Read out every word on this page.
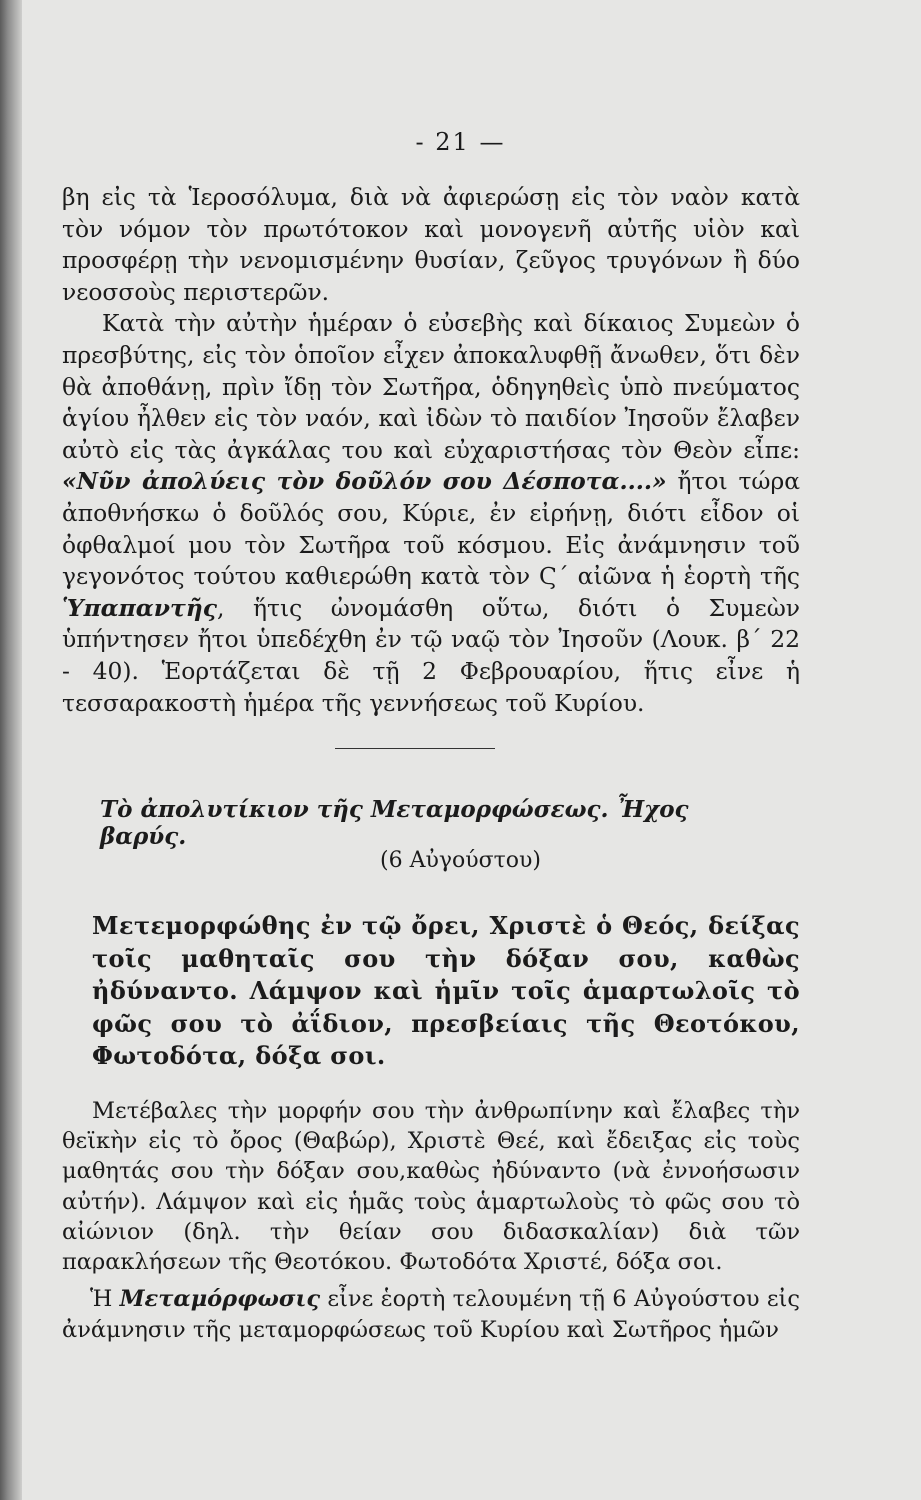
- 21 —

βη εἰς τὰ Ἱεροσόλυμα, διὰ νὰ ἀφιερώσῃ εἰς τὸν ναὸν κατὰ τὸν νόμον τὸν πρωτότοκον καὶ μονογενῆ αὐτῆς υἱὸν καὶ προσφέρῃ τὴν νενομισμένην θυσίαν, ζεῦγος τρυγόνων ἢ δύο νεοσσοὺς περιστερῶν.

Κατὰ τὴν αὐτὴν ἡμέραν ὁ εὐσεβὴς καὶ δίκαιος Συμεὼν ὁ πρεσβύτης, εἰς τὸν ὁποῖον εἶχεν ἀποκαλυφθῇ ἄνωθεν, ὅτι δὲν θὰ ἀποθάνῃ, πρὶν ἴδῃ τὸν Σωτῆρα, ὁδηγηθεὶς ὑπὸ πνεύματος ἁγίου ἦλθεν εἰς τὸν ναόν, καὶ ἰδὼν τὸ παιδίον Ἰησοῦν ἔλαβεν αὐτὸ εἰς τὰς ἀγκάλας του καὶ εὐχαριστήσας τὸν Θεὸν εἶπε: «Νῦν ἀπολύεις τὸν δοῦλόν σου Δέσποτα....» ἤτοι τώρα ἀποθνήσκω ὁ δοῦλός σου, Κύριε, ἐν εἰρήνῃ, διότι εἶδον οἱ ὀφθαλμοί μου τὸν Σωτῆρα τοῦ κόσμου. Εἰς ἀνάμνησιν τοῦ γεγονότος τούτου καθιερώθη κατὰ τὸν Ϛ΄ αἰῶνα ἡ ἑορτὴ τῆς Ὑπαπαντῆς, ἥτις ὠνομάσθη οὕτω, διότι ὁ Συμεὼν ὑπήντησεν ἤτοι ὑπεδέχθη ἐν τῷ ναῷ τὸν Ἰησοῦν (Λουκ. β΄ 22 - 40). Ἑορτάζεται δὲ τῇ 2 Φεβρουαρίου, ἥτις εἶνε ἡ τεσσαρακοστὴ ἡμέρα τῆς γεννήσεως τοῦ Κυρίου.

Τὸ ἀπολυτίκιον τῆς Μεταμορφώσεως. Ἦχος βαρύς.
(6 Αὐγούστου)

Μετεμορφώθης ἐν τῷ ὄρει, Χριστὲ ὁ Θεός, δείξας τοῖς μαθηταῖς σου τὴν δόξαν σου, καθὼς ἠδύναντο. Λάμψον καὶ ἡμῖν τοῖς ἁμαρτωλοῖς τὸ φῶς σου τὸ ἀΐδιον, πρεσβείαις τῆς Θεοτόκου, Φωτοδότα, δόξα σοι.

Μετέβαλες τὴν μορφήν σου τὴν ἀνθρωπίνην καὶ ἔλαβες τὴν θεϊκὴν εἰς τὸ ὄρος (Θαβώρ), Χριστὲ Θεέ, καὶ ἔδειξας εἰς τοὺς μαθητάς σου τὴν δόξαν σου,καθὼς ἠδύναντο (νὰ ἐννοήσωσιν αὐτήν). Λάμψον καὶ εἰς ἡμᾶς τοὺς ἁμαρτωλοὺς τὸ φῶς σου τὸ αἰώνιον (δηλ. τὴν θείαν σου διδασκαλίαν) διὰ τῶν παρακλήσεων τῆς Θεοτόκου. Φωτοδότα Χριστέ, δόξα σοι.

Ἡ Μεταμόρφωσις εἶνε ἑορτὴ τελουμένη τῇ 6 Αὐγούστου εἰς ἀνάμνησιν τῆς μεταμορφώσεως τοῦ Κυρίου καὶ Σωτῆρος ἡμῶν
